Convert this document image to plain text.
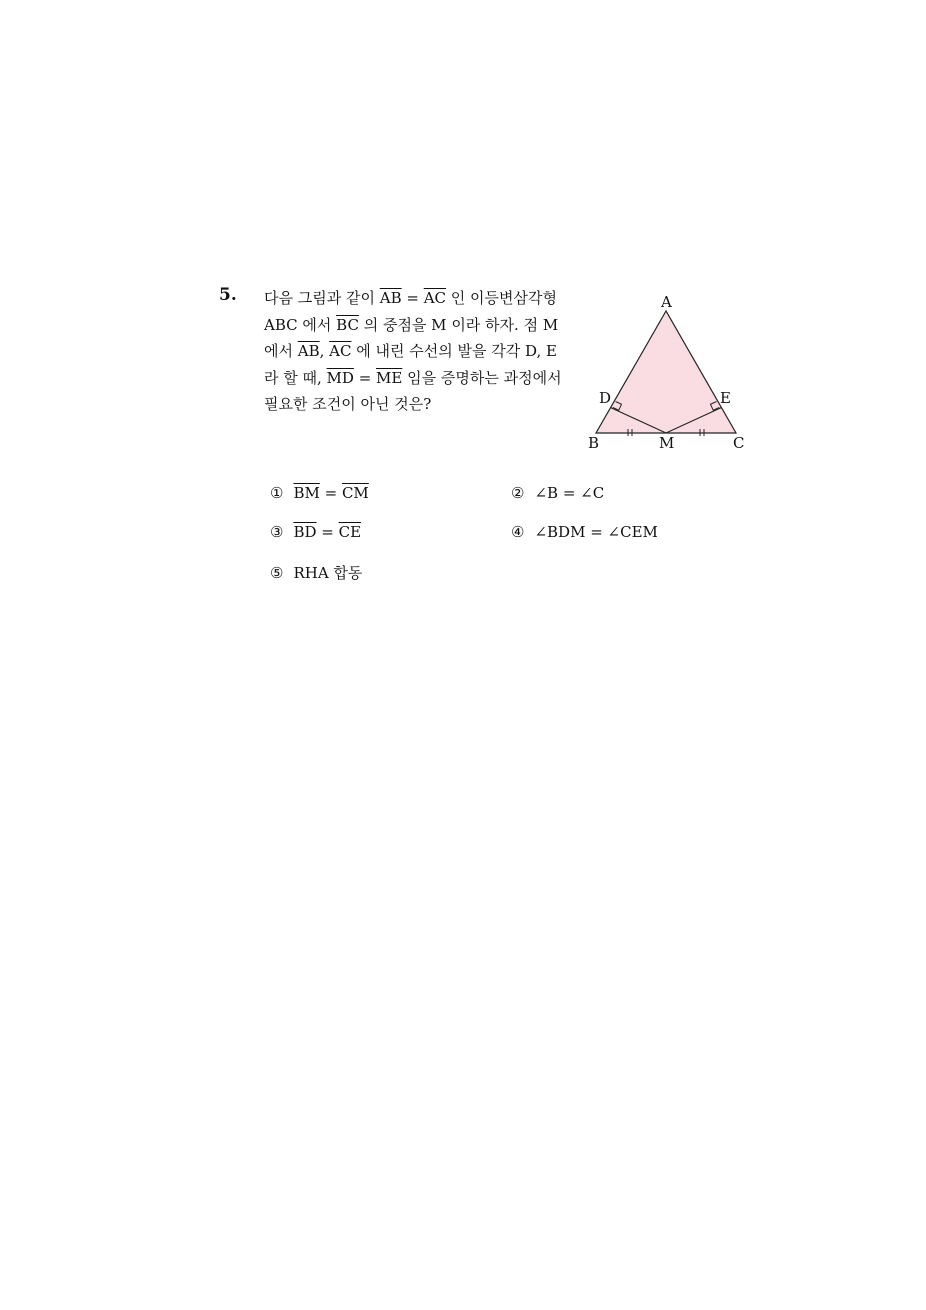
5. 다음 그림과 같이 $\overline{AB} = \overline{AC}$ 인 이등변삼각형
ABC 에서 $\overline{BC}$ 의 중점을 M 이라 하자. 점 M
에서 $\overline{AB}$, $\overline{AC}$ 에 내린 수선의 발을 각각 D, E
라 할 때, $\overline{MD} = \overline{ME}$ 임을 증명하는 과정에서
필요한 조건이 아닌 것은?
A
B	C
D	E
M
① $\overline{BM} = \overline{CM}$	② ∠B = ∠C
③ $\overline{BD} = \overline{CE}$	④ ∠BDM = ∠CEM
⑤ RHA 합동
